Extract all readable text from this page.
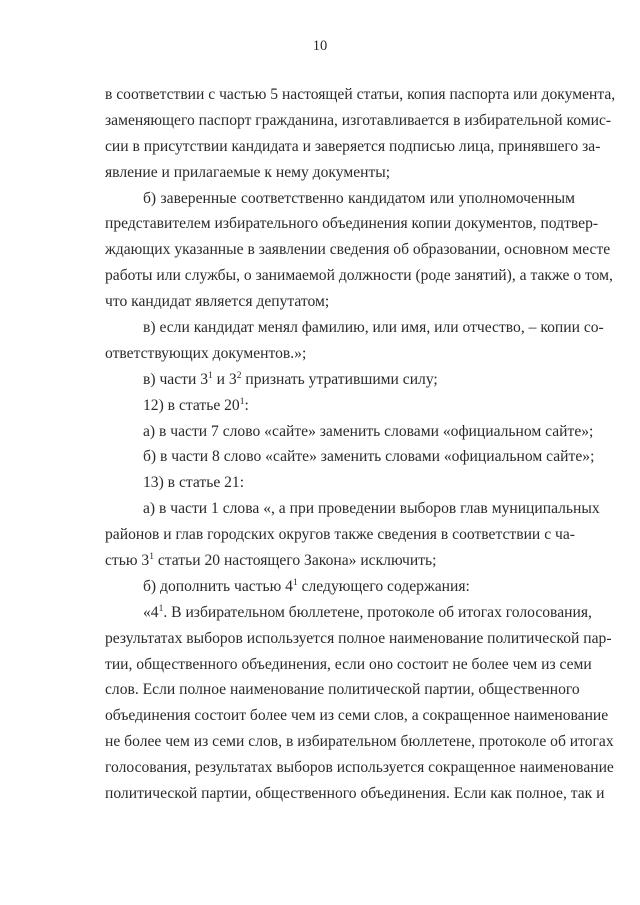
10
в соответствии с частью 5 настоящей статьи, копия паспорта или документа,
заменяющего паспорт гражданина, изготавливается в избирательной комис-
сии в присутствии кандидата и заверяется подписью лица, принявшего за-
явление и прилагаемые к нему документы;
б) заверенные соответственно кандидатом или уполномоченным
представителем избирательного объединения копии документов, подтвер-
ждающих указанные в заявлении сведения об образовании, основном месте
работы или службы, о занимаемой должности (роде занятий), а также о том,
что кандидат является депутатом;
в) если кандидат менял фамилию, или имя, или отчество, – копии со-
ответствующих документов.»;
в) части $3^1$ и $3^2$ признать утратившими силу;
12) в статье $20^1$:
а) в части 7 слово «сайте» заменить словами «официальном сайте»;
б) в части 8 слово «сайте» заменить словами «официальном сайте»;
13) в статье 21:
а) в части 1 слова «, а при проведении выборов глав муниципальных
районов и глав городских округов также сведения в соответствии с ча-
стью $3^1$ статьи 20 настоящего Закона» исключить;
б) дополнить частью $4^1$ следующего содержания:
«$4^1$. В избирательном бюллетене, протоколе об итогах голосования,
результатах выборов используется полное наименование политической пар-
тии, общественного объединения, если оно состоит не более чем из семи
слов. Если полное наименование политической партии, общественного
объединения состоит более чем из семи слов, а сокращенное наименование
не более чем из семи слов, в избирательном бюллетене, протоколе об итогах
голосования, результатах выборов используется сокращенное наименование
политической партии, общественного объединения. Если как полное, так и
